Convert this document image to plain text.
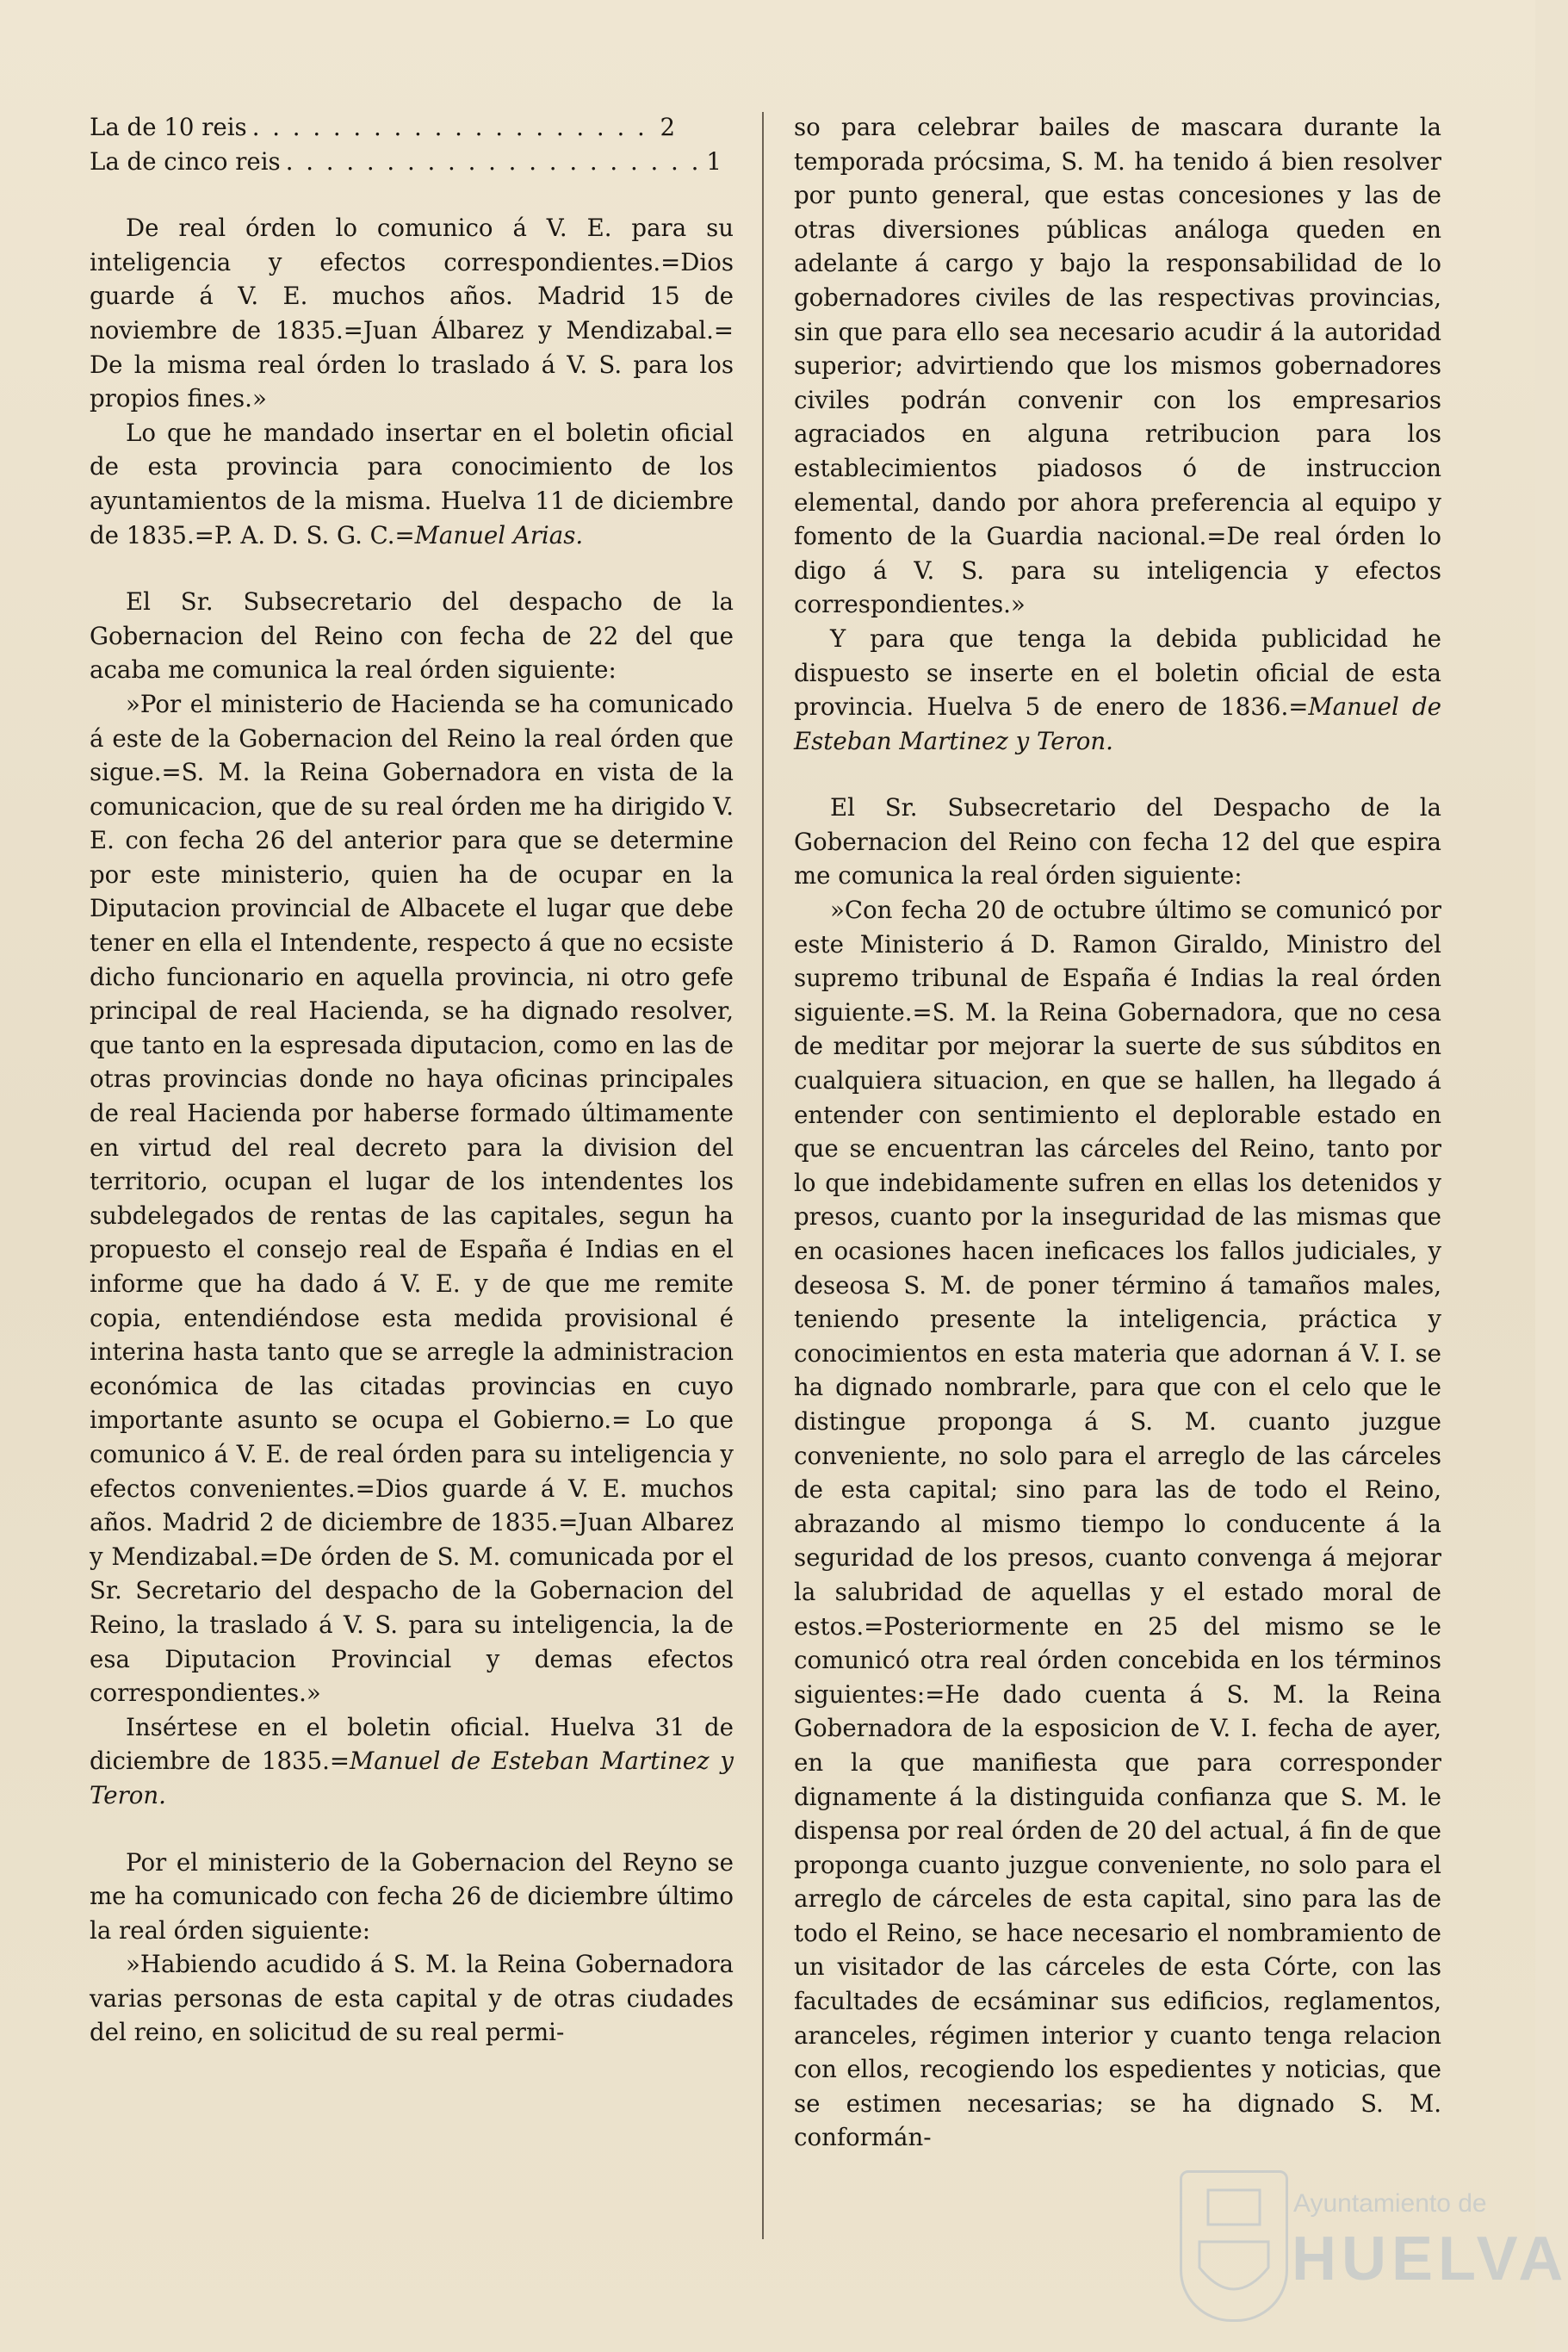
La de 10 reis . . . . . . . . . . . . . . . . . . . . 2
La de cinco reis . . . . . . . . . . . . . . . . . . . . . 1

De real órden lo comunico á V. E. para su inteligencia y efectos correspondientes.=Dios guarde á V. E. muchos años. Madrid 15 de noviembre de 1835.=Juan Álbarez y Mendizabal.= De la misma real órden lo traslado á V. S. para los propios fines.»

Lo que he mandado insertar en el boletin oficial de esta provincia para conocimiento de los ayuntamientos de la misma. Huelva 11 de diciembre de 1835.=P. A. D. S. G. C.=Manuel Arias.

El Sr. Subsecretario del despacho de la Gobernacion del Reino con fecha de 22 del que acaba me comunica la real órden siguiente:

»Por el ministerio de Hacienda se ha comunicado á este de la Gobernacion del Reino la real órden que sigue.=S. M. la Reina Gobernadora en vista de la comunicacion, que de su real órden me ha dirigido V. E. con fecha 26 del anterior para que se determine por este ministerio, quien ha de ocupar en la Diputacion provincial de Albacete el lugar que debe tener en ella el Intendente, respecto á que no ecsiste dicho funcionario en aquella provincia, ni otro gefe principal de real Hacienda, se ha dignado resolver, que tanto en la espresada diputacion, como en las de otras provincias donde no haya oficinas principales de real Hacienda por haberse formado últimamente en virtud del real decreto para la division del territorio, ocupan el lugar de los intendentes los subdelegados de rentas de las capitales, segun ha propuesto el consejo real de España é Indias en el informe que ha dado á V. E. y de que me remite copia, entendiéndose esta medida provisional é interina hasta tanto que se arregle la administracion económica de las citadas provincias en cuyo importante asunto se ocupa el Gobierno.= Lo que comunico á V. E. de real órden para su inteligencia y efectos convenientes.=Dios guarde á V. E. muchos años. Madrid 2 de diciembre de 1835.=Juan Albarez y Mendizabal.=De órden de S. M. comunicada por el Sr. Secretario del despacho de la Gobernacion del Reino, la traslado á V. S. para su inteligencia, la de esa Diputacion Provincial y demas efectos correspondientes.»

Insértese en el boletin oficial. Huelva 31 de diciembre de 1835.=Manuel de Esteban Martinez y Teron.

Por el ministerio de la Gobernacion del Reyno se me ha comunicado con fecha 26 de diciembre último la real órden siguiente:

»Habiendo acudido á S. M. la Reina Gobernadora varias personas de esta capital y de otras ciudades del reino, en solicitud de su real permi-

so para celebrar bailes de mascara durante la temporada prócsima, S. M. ha tenido á bien resolver por punto general, que estas concesiones y las de otras diversiones públicas análoga queden en adelante á cargo y bajo la responsabilidad de lo gobernadores civiles de las respectivas provincias, sin que para ello sea necesario acudir á la autoridad superior; advirtiendo que los mismos gobernadores civiles podrán convenir con los empresarios agraciados en alguna retribucion para los establecimientos piadosos ó de instruccion elemental, dando por ahora preferencia al equipo y fomento de la Guardia nacional.=De real órden lo digo á V. S. para su inteligencia y efectos correspondientes.»

Y para que tenga la debida publicidad he dispuesto se inserte en el boletin oficial de esta provincia. Huelva 5 de enero de 1836.=Manuel de Esteban Martinez y Teron.

El Sr. Subsecretario del Despacho de la Gobernacion del Reino con fecha 12 del que espira me comunica la real órden siguiente:

»Con fecha 20 de octubre último se comunicó por este Ministerio á D. Ramon Giraldo, Ministro del supremo tribunal de España é Indias la real órden siguiente.=S. M. la Reina Gobernadora, que no cesa de meditar por mejorar la suerte de sus súbditos en cualquiera situacion, en que se hallen, ha llegado á entender con sentimiento el deplorable estado en que se encuentran las cárceles del Reino, tanto por lo que indebidamente sufren en ellas los detenidos y presos, cuanto por la inseguridad de las mismas que en ocasiones hacen ineficaces los fallos judiciales, y deseosa S. M. de poner término á tamaños males, teniendo presente la inteligencia, práctica y conocimientos en esta materia que adornan á V. I. se ha dignado nombrarle, para que con el celo que le distingue proponga á S. M. cuanto juzgue conveniente, no solo para el arreglo de las cárceles de esta capital; sino para las de todo el Reino, abrazando al mismo tiempo lo conducente á la seguridad de los presos, cuanto convenga á mejorar la salubridad de aquellas y el estado moral de estos.=Posteriormente en 25 del mismo se le comunicó otra real órden concebida en los términos siguientes:=He dado cuenta á S. M. la Reina Gobernadora de la esposicion de V. I. fecha de ayer, en la que manifiesta que para corresponder dignamente á la distinguida confianza que S. M. le dispensa por real órden de 20 del actual, á fin de que proponga cuanto juzgue conveniente, no solo para el arreglo de cárceles de esta capital, sino para las de todo el Reino, se hace necesario el nombramiento de un visitador de las cárceles de esta Córte, con las facultades de ecsáminar sus edificios, reglamentos, aranceles, régimen interior y cuanto tenga relacion con ellos, recogiendo los espedientes y noticias, que se estimen necesarias; se ha dignado S. M. conformán-

Ayuntamiento de
HUELVA
